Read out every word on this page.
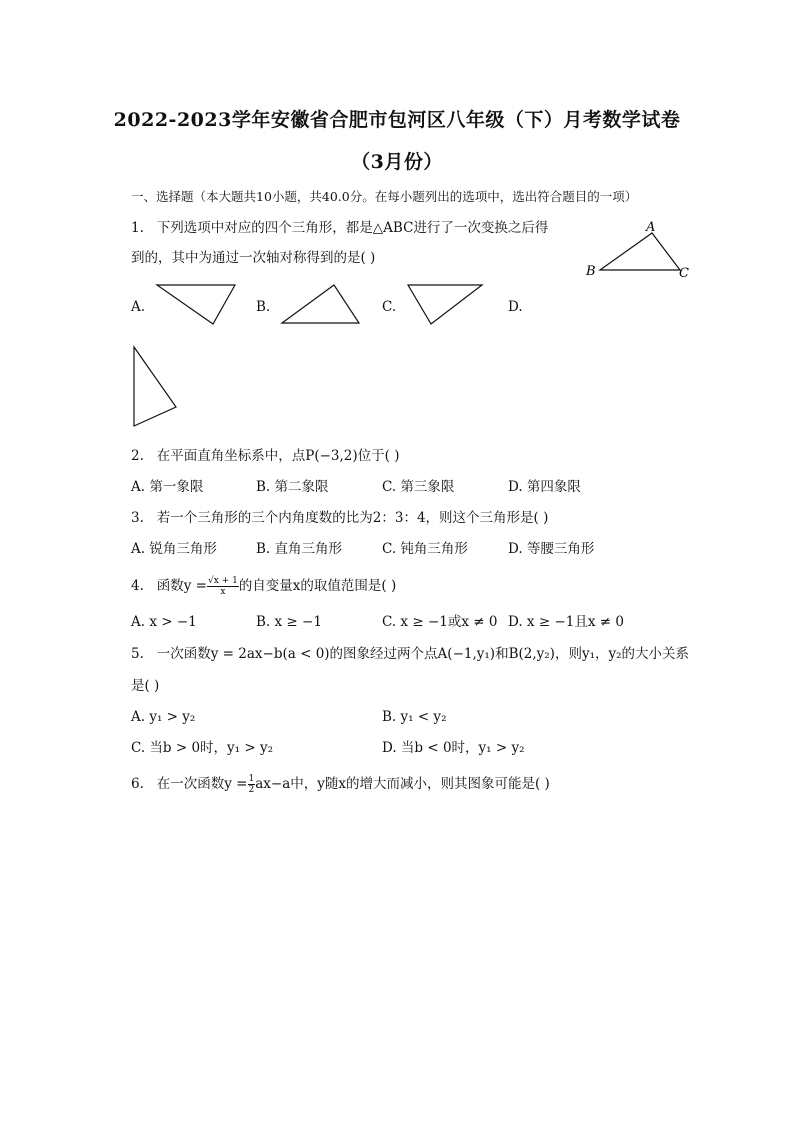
2022-2023学年安徽省合肥市包河区八年级（下）月考数学试卷
（3月份）
一、选择题（本大题共10小题，共40.0分。在每小题列出的选项中，选出符合题目的一项）
1. 下列选项中对应的四个三角形，都是△ABC进行了一次变换之后得
到的，其中为通过一次轴对称得到的是( )
A
B	C
A.	B.	C.	D.
2. 在平面直角坐标系中，点P(−3,2)位于( )
A. 第一象限	B. 第二象限	C. 第三象限	D. 第四象限
3. 若一个三角形的三个内角度数的比为2：3：4，则这个三角形是( )
A. 锐角三角形	B. 直角三角形	C. 钝角三角形	D. 等腰三角形
4. 函数$y = \frac{√x + 1}{x}$ 的自变量x的取值范围是( )
A. x > −1	B. x ≥ −1	C. x ≥ −1或x ≠ 0 D. x ≥ −1且x ≠ 0
5. 一次函数y = 2ax−b(a < 0)的图象经过两个点A(−1,y₁)和B(2,y₂)，则y₁，y₂的大小关系
是( )
A. y₁ > y₂	B. y₁ < y₂
C. 当b > 0时，y₁ > y₂	D. 当b < 0时，y₁ > y₂
6. 在一次函数$y = \frac{1}{2} ax-a$中，y随x的增大而减小，则其图象可能是( )
